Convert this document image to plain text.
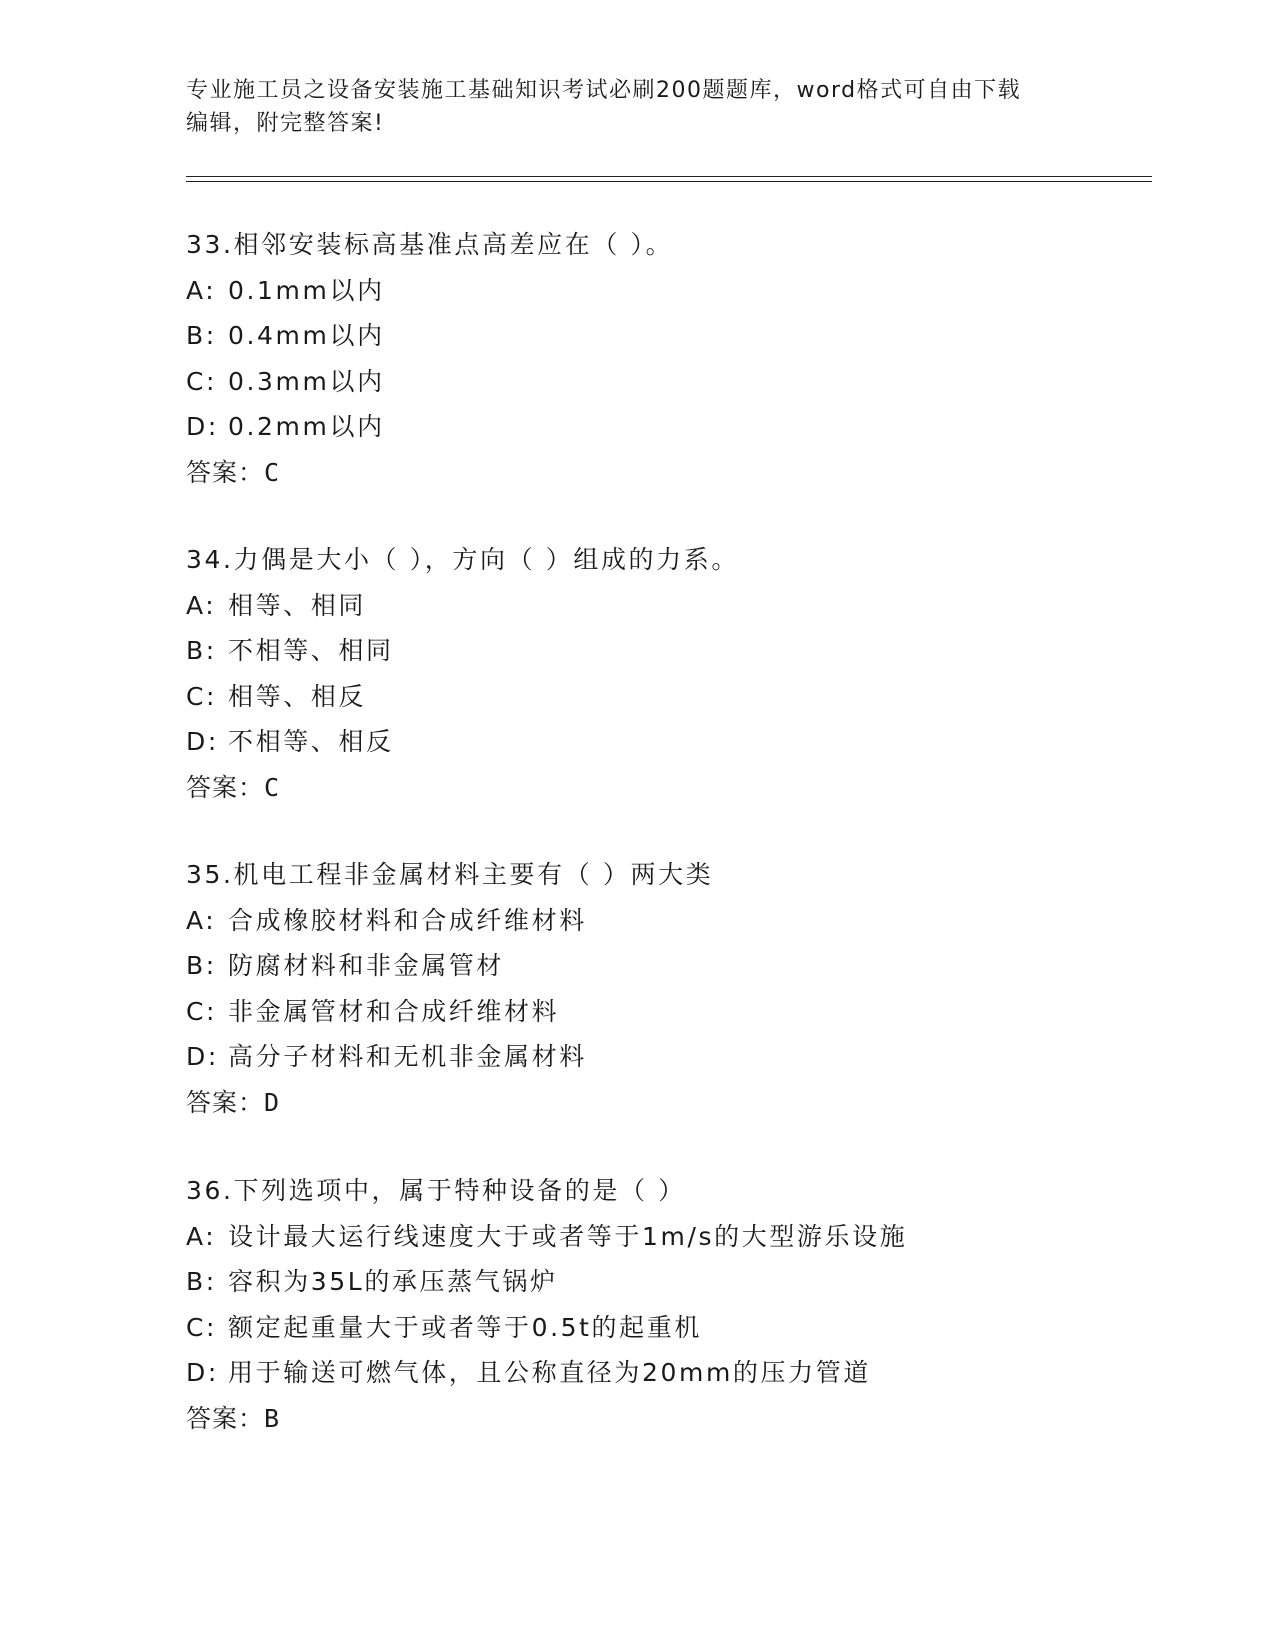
专业施工员之设备安装施工基础知识考试必刷200题题库，word格式可自由下载
编辑，附完整答案!
33.相邻安装标高基准点高差应在（ ）。
A: 0.1mm以内
B: 0.4mm以内
C: 0.3mm以内
D: 0.2mm以内
答案：C
34.力偶是大小（ ），方向（ ）组成的力系。
A: 相等、相同
B: 不相等、相同
C: 相等、相反
D: 不相等、相反
答案：C
35.机电工程非金属材料主要有（ ）两大类
A: 合成橡胶材料和合成纤维材料
B: 防腐材料和非金属管材
C: 非金属管材和合成纤维材料
D: 高分子材料和无机非金属材料
答案：D
36.下列选项中，属于特种设备的是（ ）
A: 设计最大运行线速度大于或者等于1m/s的大型游乐设施
B: 容积为35L的承压蒸气锅炉
C: 额定起重量大于或者等于0.5t的起重机
D: 用于输送可燃气体，且公称直径为20mm的压力管道
答案：B
